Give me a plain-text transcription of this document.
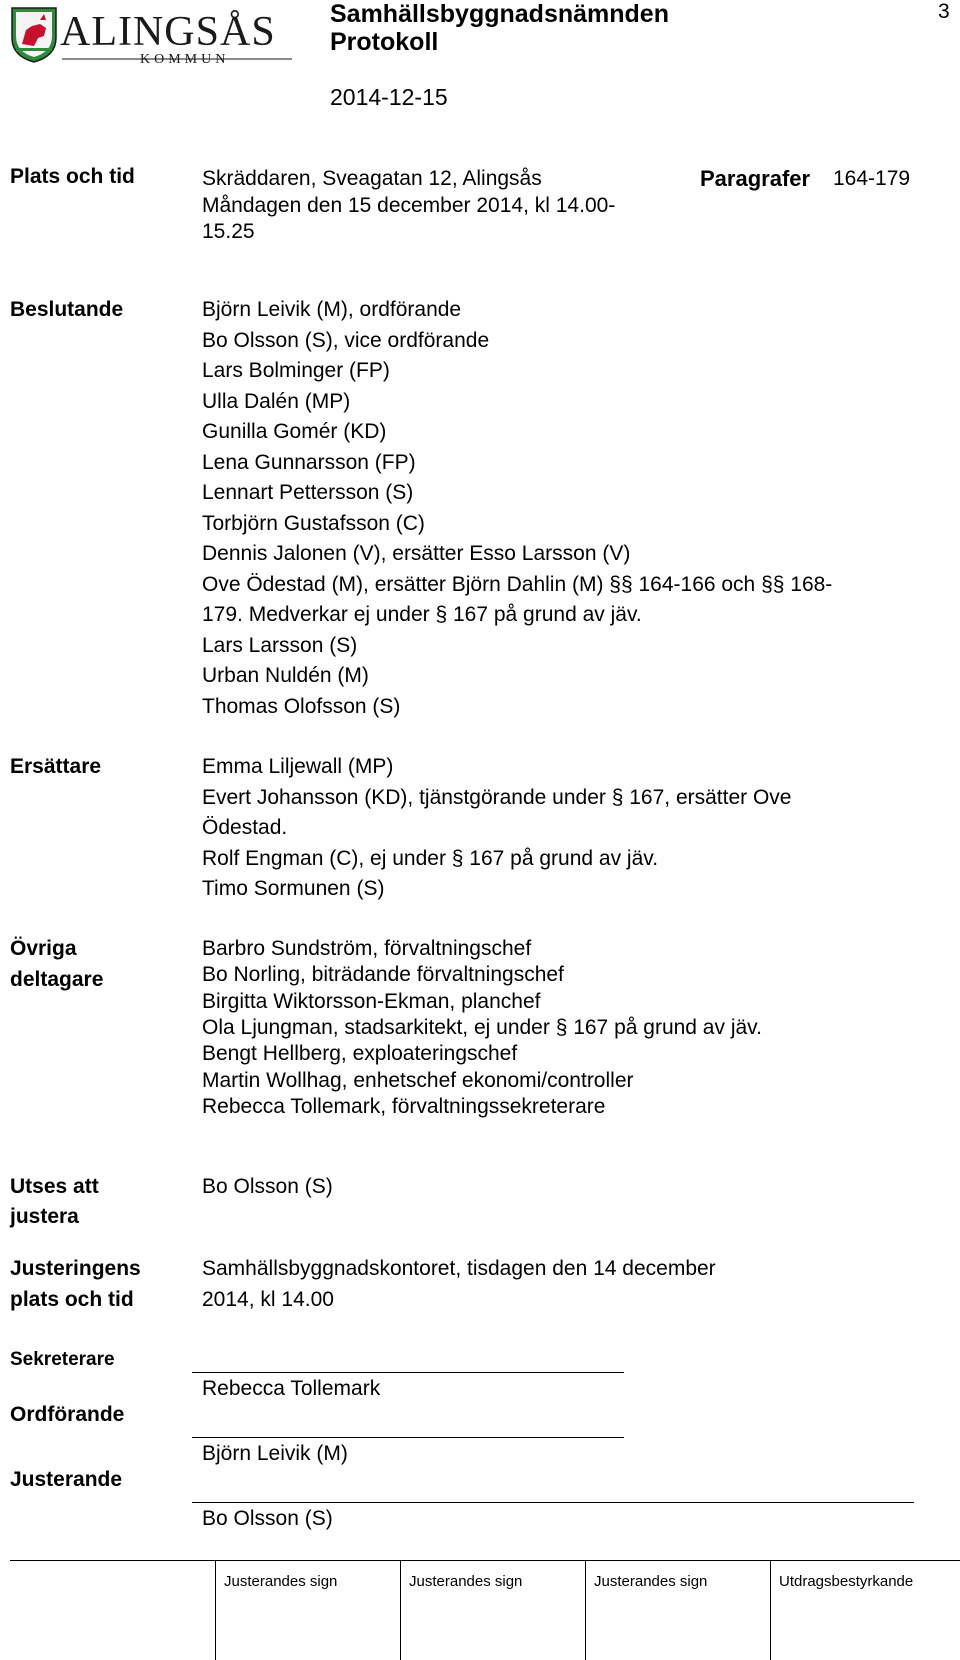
ALINGSÅS
KOMMUN
Samhällsbyggnadsnämnden
Protokoll
2014-12-15
3
Plats och tid	Skräddaren, Sveagatan 12, Alingsås
Måndagen den 15 december 2014, kl 14.00-
15.25
Paragrafer 164-179
Beslutande	Björn Leivik (M), ordförande
Bo Olsson (S), vice ordförande
Lars Bolminger (FP)
Ulla Dalén (MP)
Gunilla Gomér (KD)
Lena Gunnarsson (FP)
Lennart Pettersson (S)
Torbjörn Gustafsson (C)
Dennis Jalonen (V), ersätter Esso Larsson (V)
Ove Ödestad (M), ersätter Björn Dahlin (M) §§ 164-166 och §§ 168-
179. Medverkar ej under § 167 på grund av jäv.
Lars Larsson (S)
Urban Nuldén (M)
Thomas Olofsson (S)
Ersättare	Emma Liljewall (MP)
Evert Johansson (KD), tjänstgörande under § 167, ersätter Ove
Ödestad.
Rolf Engman (C), ej under § 167 på grund av jäv.
Timo Sormunen (S)
Övriga
deltagare
Barbro Sundström, förvaltningschef
Bo Norling, biträdande förvaltningschef
Birgitta Wiktorsson-Ekman, planchef
Ola Ljungman, stadsarkitekt, ej under § 167 på grund av jäv.
Bengt Hellberg, exploateringschef
Martin Wollhag, enhetschef ekonomi/controller
Rebecca Tollemark, förvaltningssekreterare
Utses att
justera
Bo Olsson (S)
Justeringens
plats och tid
Samhällsbyggnadskontoret, tisdagen den 14 december
2014, kl 14.00
Sekreterare
Rebecca Tollemark
Ordförande
Björn Leivik (M)
Justerande
Bo Olsson (S)
Justerandes sign	Justerandes sign	Justerandes sign	Utdragsbestyrkande
